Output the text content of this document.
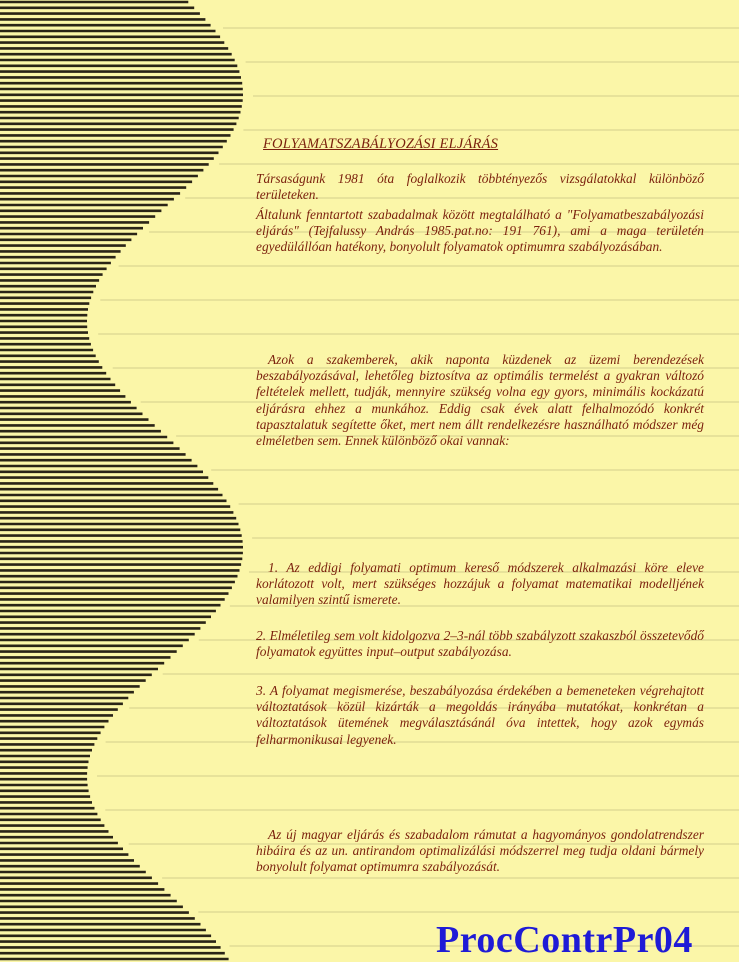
FOLYAMATSZABÁLYOZÁSI ELJÁRÁS

Társaságunk 1981 óta foglalkozik többtényezős vizsgálatokkal különböző területeken.

Általunk fenntartott szabadalmak között megtalálható a "Folyamatbeszabályozási eljárás" (Tejfalussy András 1985.pat.no: 191 761), ami a maga területén egyedülállóan hatékony, bonyolult folyamatok optimumra szabályozásában.

Azok a szakemberek, akik naponta küzdenek az üzemi berendezések beszabályozásával, lehetőleg biztosítva az optimális termelést a gyakran változó feltételek mellett, tudják, mennyire szükség volna egy gyors, minimális kockázatú eljárásra ehhez a munkához. Eddig csak évek alatt felhalmozódó konkrét tapasztalatuk segítette őket, mert nem állt rendelkezésre használható módszer még elméletben sem. Ennek különböző okai vannak:

1. Az eddigi folyamati optimum kereső módszerek alkalmazási köre eleve korlátozott volt, mert szükséges hozzájuk a folyamat matematikai modelljének valamilyen szintű ismerete.

2. Elméletileg sem volt kidolgozva 2–3-nál több szabályzott szakaszból összetevődő folyamatok együttes input–output szabályozása.

3. A folyamat megismerése, beszabályozása érdekében a bemeneteken végrehajtott változtatások közül kizárták a megoldás irányába mutatókat, konkrétan a változtatások ütemének megválasztásánál óva intettek, hogy azok egymás felharmonikusai legyenek.

Az új magyar eljárás és szabadalom rámutat a hagyományos gondolatrendszer hibáira és az un. antirandom optimalizálási módszerrel meg tudja oldani bármely bonyolult folyamat optimumra szabályozását.

ProcContrPr04
